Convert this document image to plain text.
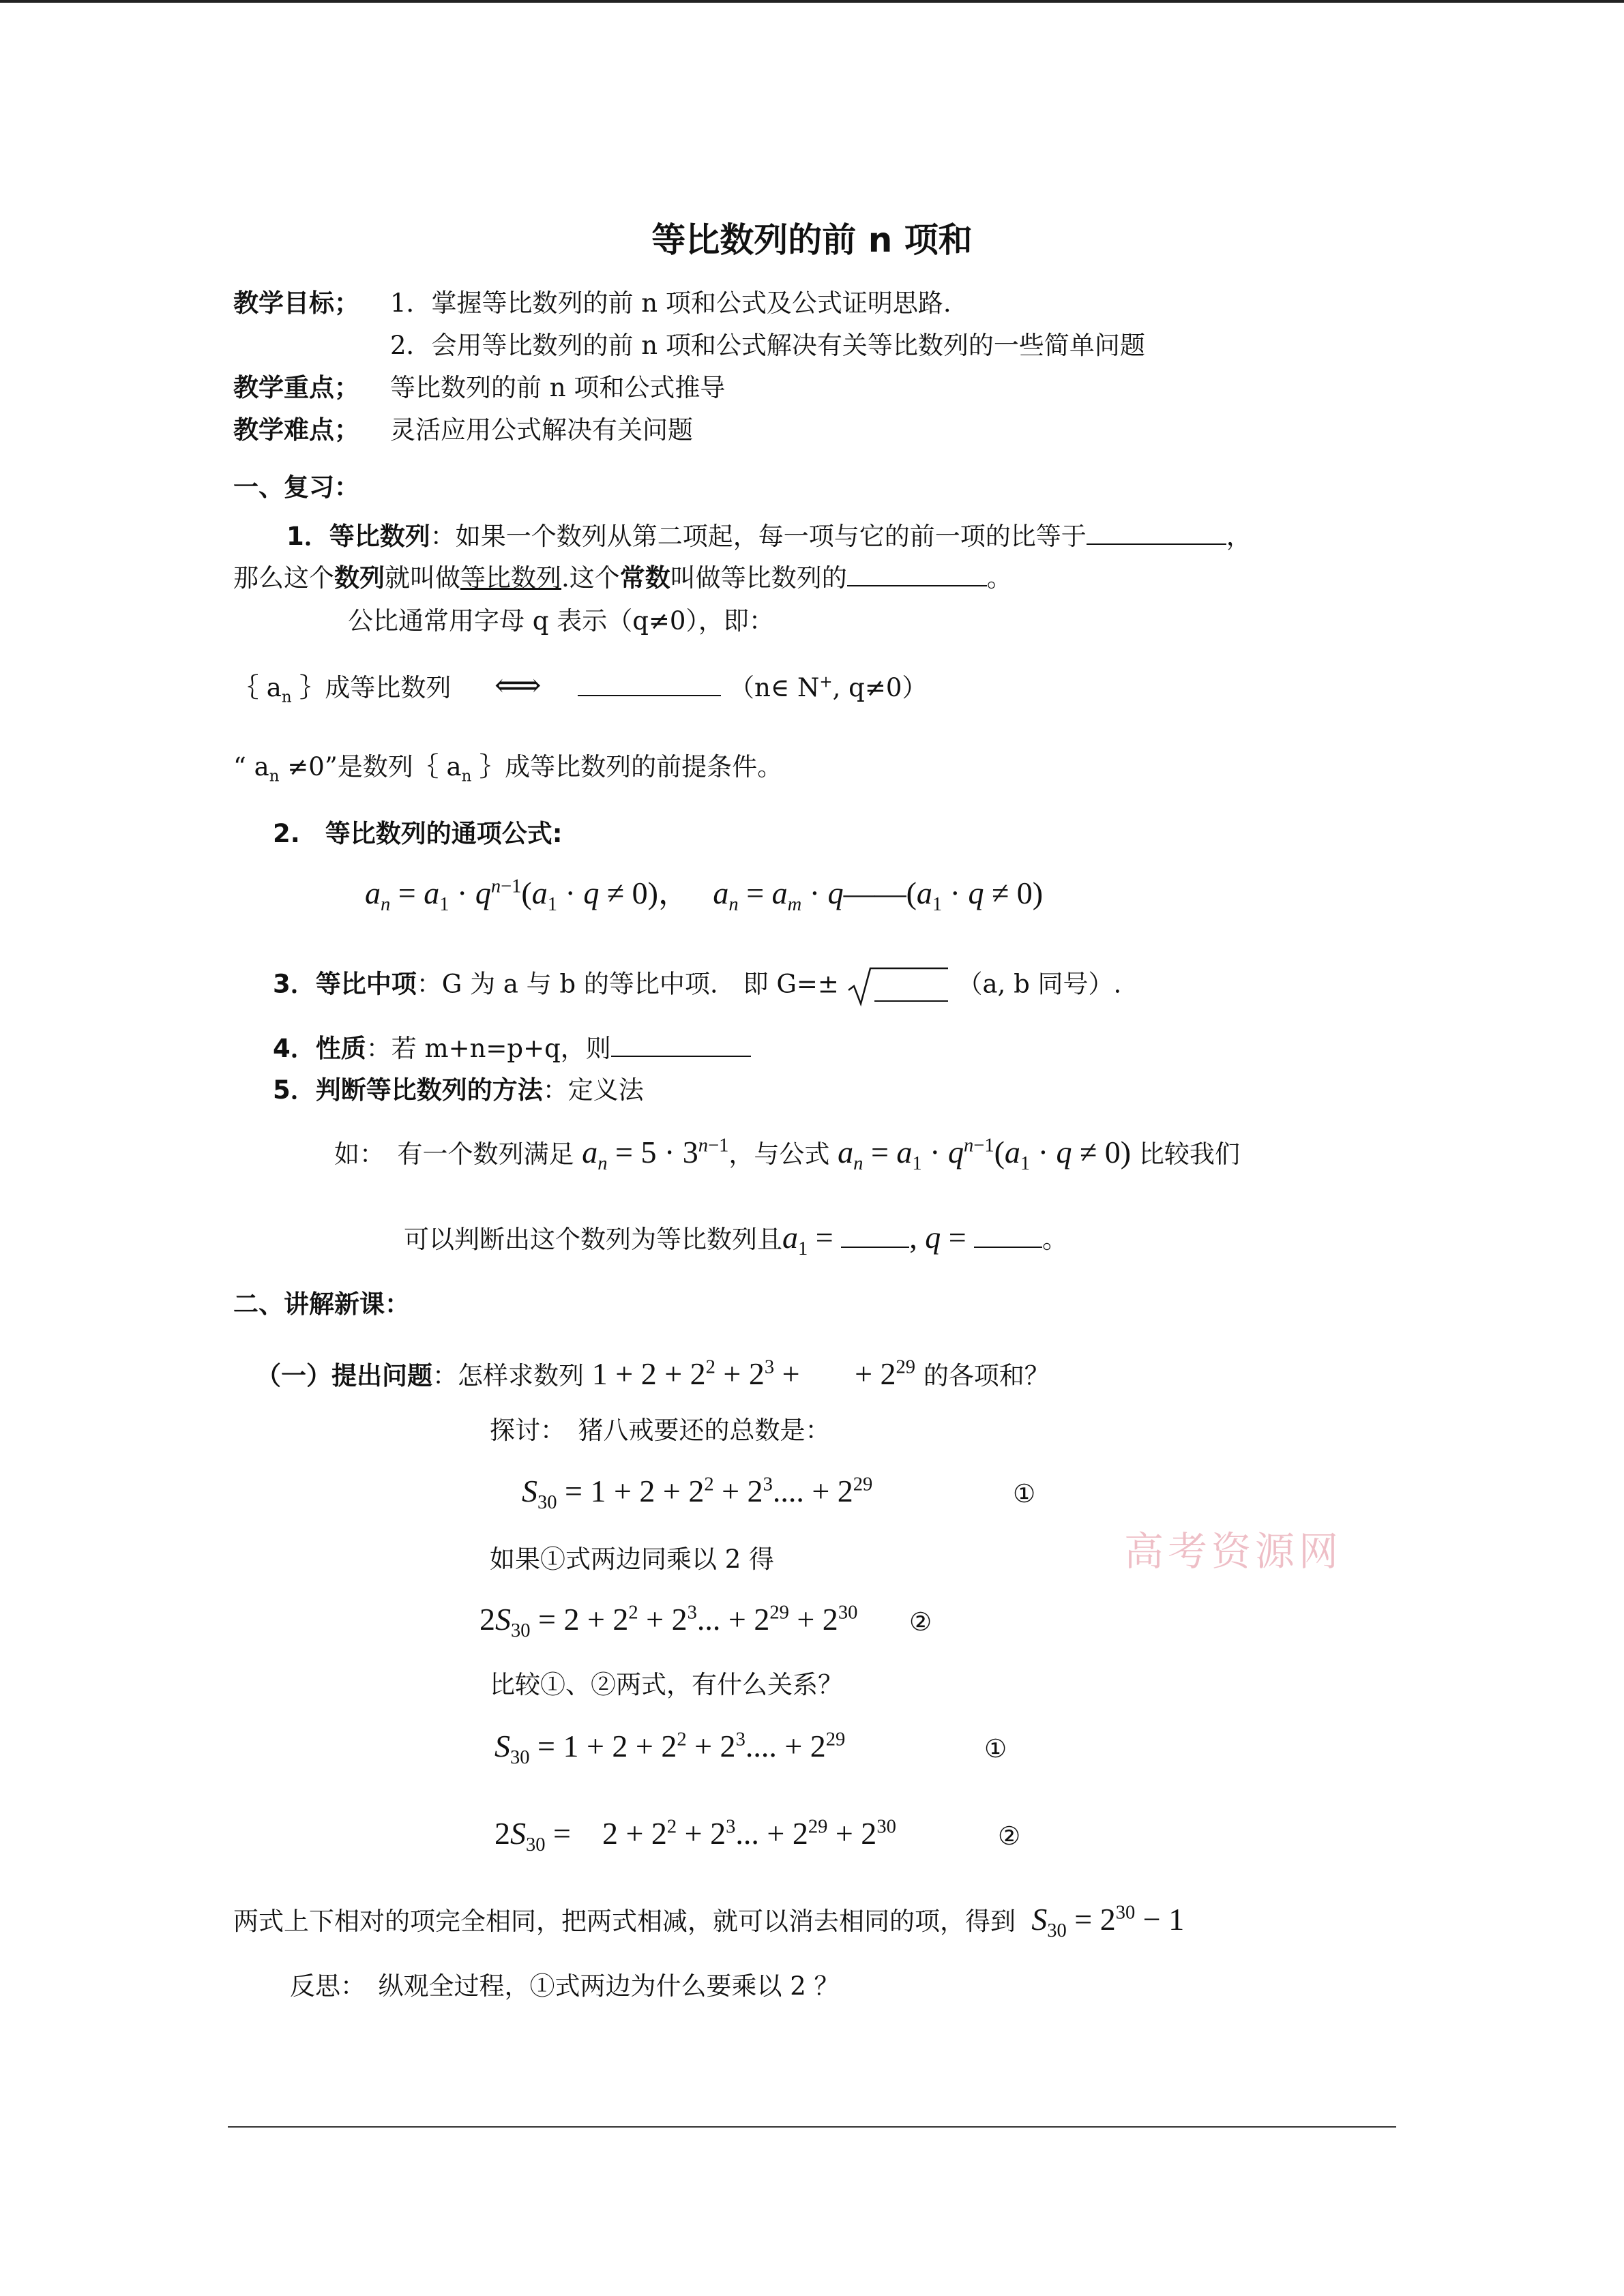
等比数列的前 n 项和
教学目标； 1．掌握等比数列的前 n 项和公式及公式证明思路.
2．会用等比数列的前 n 项和公式解决有关等比数列的一些简单问题
教学重点； 等比数列的前 n 项和公式推导
教学难点； 灵活应用公式解决有关问题
一、复习：
1．等比数列：如果一个数列从第二项起，每一项与它的前一项的比等于	，
那么这个数列就叫做等比数列.这个常数叫做等比数列的	。
公比通常用字母 q 表示（q≠0），即：
｛ $a_n$ ｝成等比数列 ⟺	（n∈ N+, q≠0）
“ $a_n \ne 0$”是数列｛ $a_n$ ｝成等比数列的前提条件。
2.　等比数列的通项公式:
$a_n = a_1 \cdot q^{n-1}(a_1 \cdot q \ne 0)$，   $a_n = a_m$ · $q——(a_1 \cdot q \ne 0)$
3．等比中项：G 为 a 与 b 的等比中项.　即 G=±	（a, b 同号）.
4．性质：若 m+n=p+q，则
5．判断等比数列的方法：定义法
如：　有一个数列满足 $a_n = 5 \cdot 3^{n-1}$，与公式 $a_n = a_1 \cdot q^{n-1}(a_1 \cdot q \ne 0)$ 比较我们
可以判断出这个数列为等比数列且$a_1$ = , q =	。
二、讲解新课：
（一）提出问题：怎样求数列 $1 + 2 + 2^2 + 2^3$ +       + $2^{29}$ 的各项和？
探讨：　猪八戒要还的总数是：
$S_{30} = 1 + 2 + 2^2 + 2^3$.... + $2^{29}$	①
高考资源网
如果①式两边同乘以 2 得
$2S_{30} = 2 + 2^2 + 2^3$... + $2^{29} + 2^{30}$ ②
比较①、②两式，有什么关系？
$S_{30} = 1 + 2 + 2^2 + 2^3$.... + $2^{29}$	①
$2S_{30}$ =    $2 + 2^2 + 2^3$... + $2^{29} + 2^{30}$	②
两式上下相对的项完全相同，把两式相减，就可以消去相同的项，得到 $S_{30} = 2^{30} - 1$
反思：　纵观全过程，①式两边为什么要乘以 2 ？
